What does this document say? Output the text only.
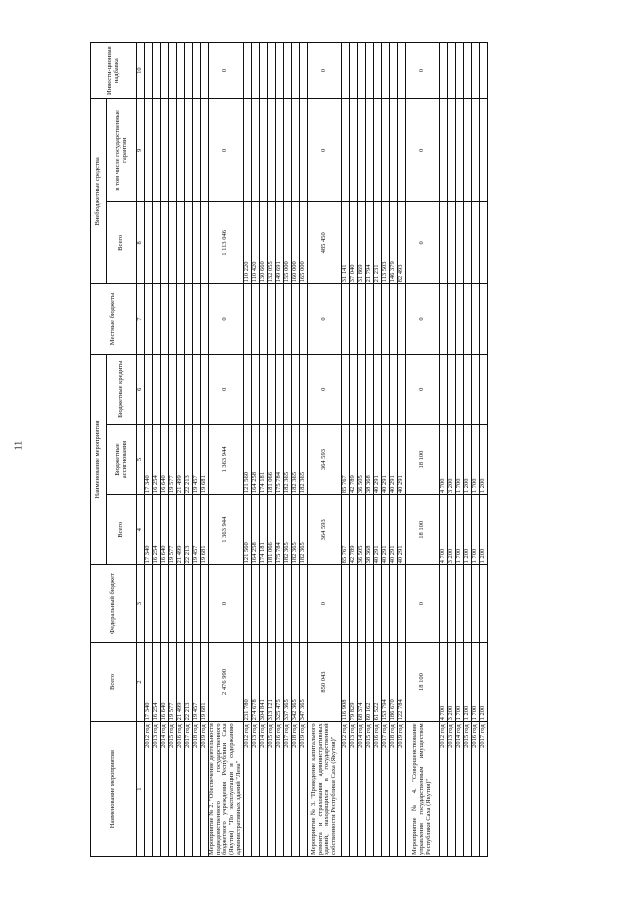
11
Наименование мероприятия	Всего	Федеральный бюджет	Наименование мероприятия			Местные бюджеты	Внебюджетные средства		Инвести-ционная надбавка
			Всего	Бюджетные ассигнования	Бюджетные кредиты		Всего	в том числе государственные гарантии	
1	2	3	4	5	6	7	8	9	10
2012 год	17 340		17 340	17 340					
2013 год	16 254		16 254	16 254					
2014 год	16 640		16 640	16 640					
2015 год	19 577		19 577	19 577					
2016 год	21 499		21 499	21 499					
2017 год	22 213		22 213	22 213					
2018 год	19 457		19 457	19 457					
2019 год	19 681		19 681	19 681					
Мероприятие № 2. "Обеспечение деятельности подведомственного государственного бюджетного учреждения Республики Саха (Якутия) "По эксплуатации и содержанию административных зданий "Лена"	2 476 990	0	1 363 944	1 363 944	0	0	1 113 046	0	0
2012 год	231 780		121 560	121 560			110 220		
2013 год	274 678		164 258	164 258			110 420		
2014 год	304 841		174 181	174 181			130 660		
2015 год	313 121		181 066	181 066			132 055		
2016 год	325 475		175 784	175 784			149 691		
2017 год	337 365		182 365	182 365			155 000		
2018 год	342 365		182 365	182 365			160 000		
2019 год	347 365		182 365	182 365			165 000		
Мероприятие № 3. "Проведение капитального ремонта и страхования административных зданий, находящихся в государственной собственности Республики Саха (Якутия)"	850 043	0	364 593	364 593	0	0	485 450	0	0
2012 год	116 908		85 767	85 767			31 141		
2013 год	79 829		42 789	42 789			37 040		
2014 год	68 374		36 505	36 505			31 869		
2015 год	60 162		38 368	38 368			21 794		
2016 год	61 522		40 291	40 291			21 231		
2017 год	153 794		40 291	40 291			113 503		
2018 год	186 670		40 291	40 291			146 379		
2019 год	122 784		40 291	40 291			82 493		
Мероприятие № 4. "Совершенствование управления государственным имуществом Республики Саха (Якутия)"	18 100	0	18 100	18 100	0	0	0	0	0
2012 год	4 700		4 700	4 700					
2013 год	3 200		3 200	3 200					
2014 год	1 700		1 700	1 700					
2015 год	1 200		1 200	1 200					
2016 год	1 700		1 700	1 700					
2017 год	1 200		1 200	1 200					
